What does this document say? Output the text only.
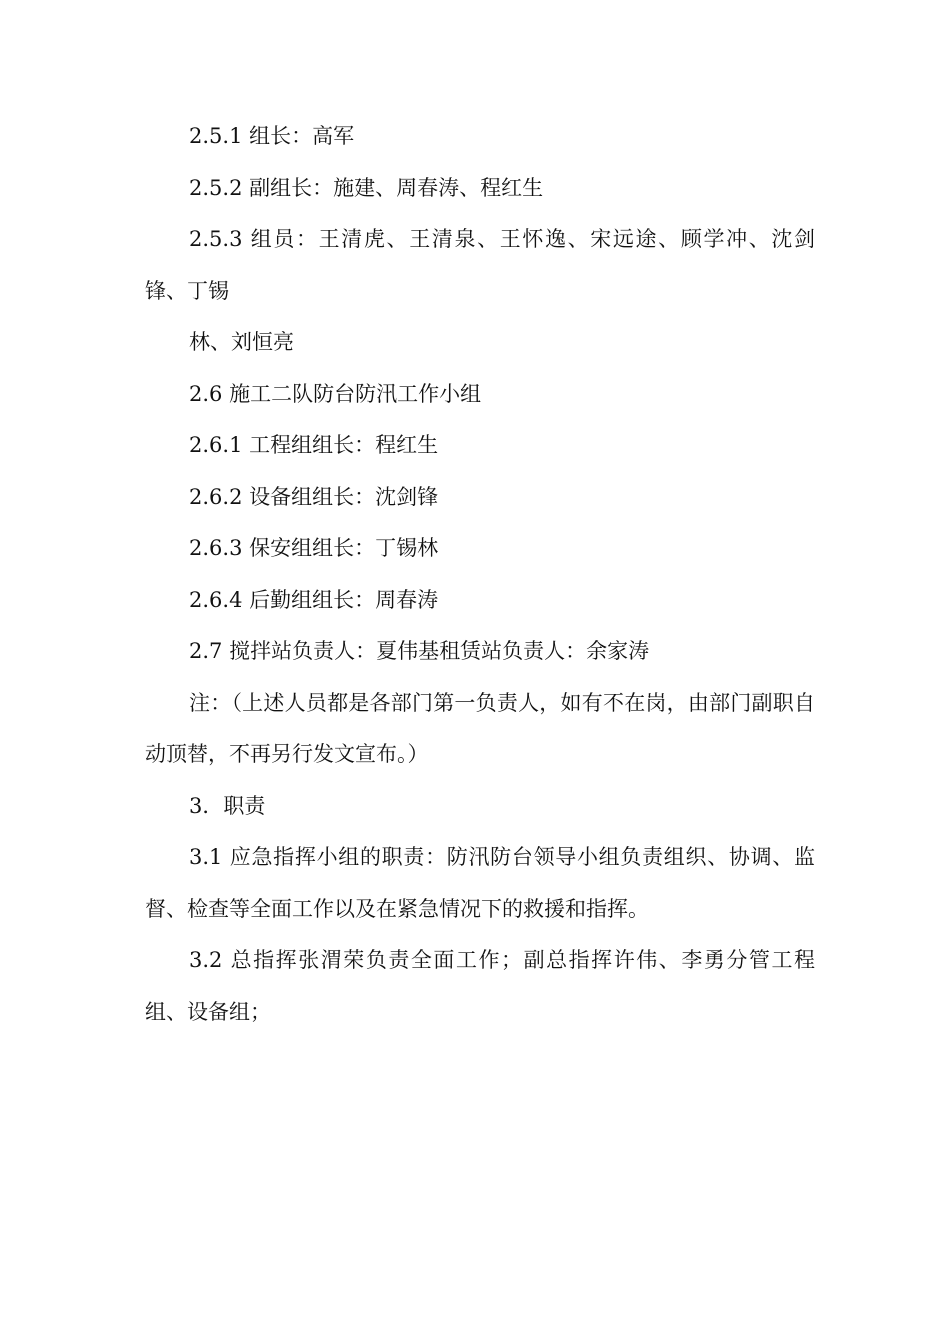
2.5.1 组长：高军

2.5.2 副组长：施建、周春涛、程红生

2.5.3 组员：王清虎、王清泉、王怀逸、宋远途、顾学冲、沈剑锋、丁锡

林、刘恒亮

2.6 施工二队防台防汛工作小组

2.6.1 工程组组长：程红生

2.6.2 设备组组长：沈剑锋

2.6.3 保安组组长：丁锡林

2.6.4 后勤组组长：周春涛

2.7 搅拌站负责人：夏伟基租赁站负责人：余家涛

注：（上述人员都是各部门第一负责人，如有不在岗，由部门副职自动顶替，不再另行发文宣布。）

3．职责

3.1 应急指挥小组的职责：防汛防台领导小组负责组织、协调、监督、检查等全面工作以及在紧急情况下的救援和指挥。

3.2 总指挥张渭荣负责全面工作；副总指挥许伟、李勇分管工程组、设备组；
